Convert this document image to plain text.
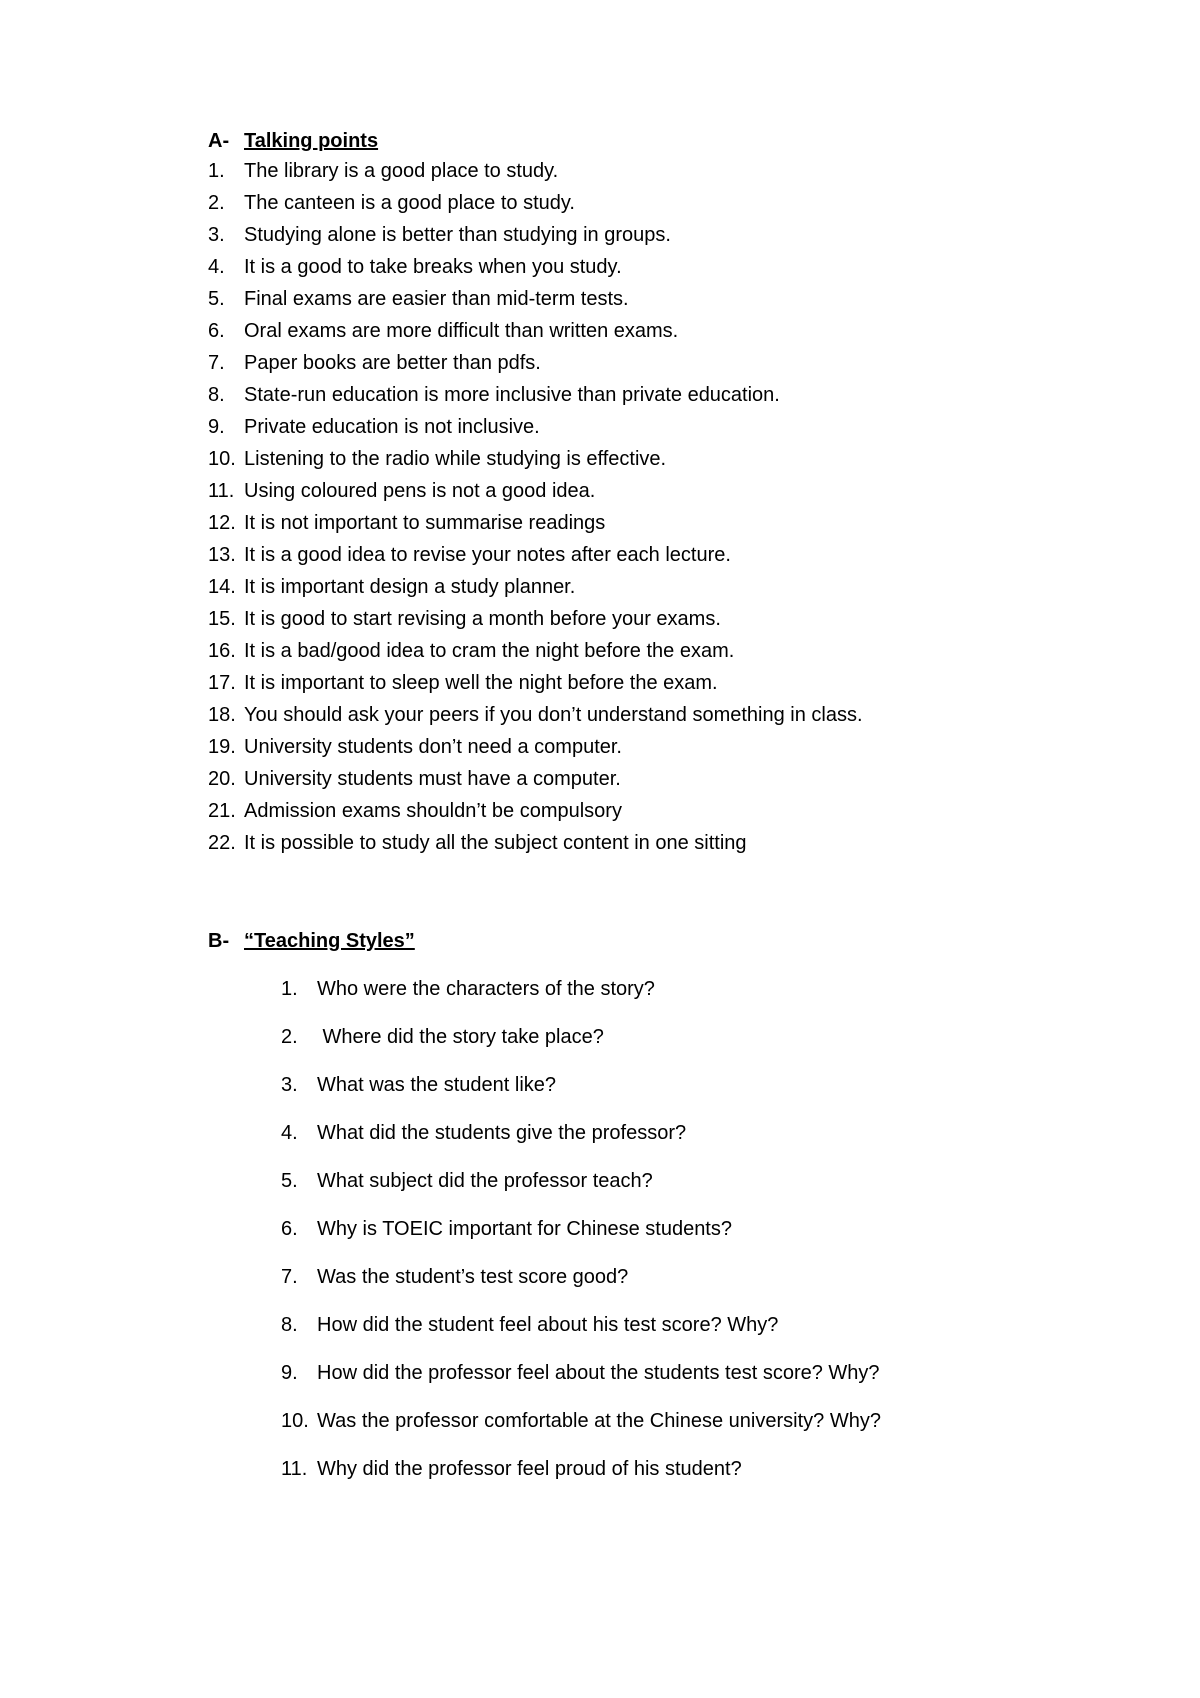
A- Talking points
1. The library is a good place to study.
2. The canteen is a good place to study.
3. Studying alone is better than studying in groups.
4. It is a good to take breaks when you study.
5. Final exams are easier than mid-term tests.
6. Oral exams are more difficult than written exams.
7. Paper books are better than pdfs.
8. State-run education is more inclusive than private education.
9. Private education is not inclusive.
10. Listening to the radio while studying is effective.
11. Using coloured pens is not a good idea.
12. It is not important to summarise readings
13. It is a good idea to revise your notes after each lecture.
14. It is important design a study planner.
15. It is good to start revising a month before your exams.
16. It is a bad/good idea to cram the night before the exam.
17. It is important to sleep well the night before the exam.
18. You should ask your peers if you don’t understand something in class.
19. University students don’t need a computer.
20. University students must have a computer.
21. Admission exams shouldn’t be compulsory
22. It is possible to study all the subject content in one sitting
B- “Teaching Styles”
1. Who were the characters of the story?
2. Where did the story take place?
3. What was the student like?
4. What did the students give the professor?
5. What subject did the professor teach?
6. Why is TOEIC important for Chinese students?
7. Was the student’s test score good?
8. How did the student feel about his test score? Why?
9. How did the professor feel about the students test score? Why?
10. Was the professor comfortable at the Chinese university? Why?
11. Why did the professor feel proud of his student?
